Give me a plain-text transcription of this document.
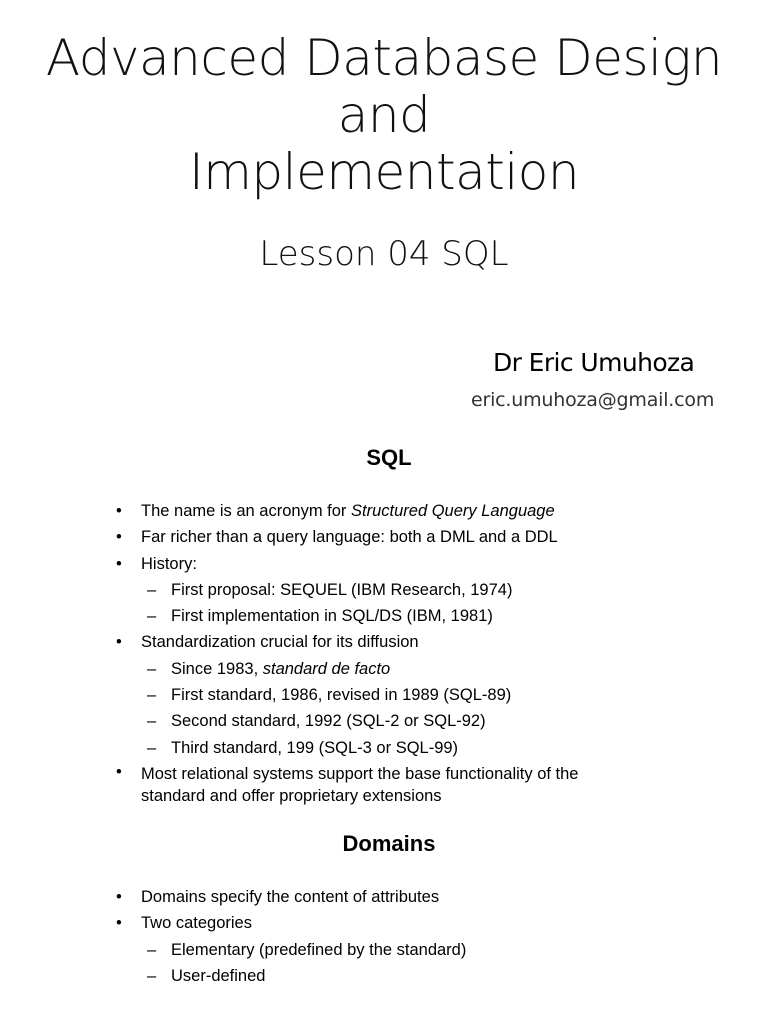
Advanced Database Design and
Implementation
Lesson 04 SQL
Dr Eric Umuhoza
eric.umuhoza@gmail.com
SQL
• The name is an acronym for Structured Query Language
• Far richer than a query language: both a DML and a DDL
• History:
– First proposal: SEQUEL (IBM Research, 1974)
– First implementation in SQL/DS (IBM, 1981)
• Standardization crucial for its diffusion
– Since 1983, standard de facto
– First standard, 1986, revised in 1989 (SQL-89)
– Second standard, 1992 (SQL-2 or SQL-92)
– Third standard, 199 (SQL-3 or SQL-99)
• Most relational systems support the base functionality of the
standard and offer proprietary extensions
Domains
• Domains specify the content of attributes
• Two categories
– Elementary (predefined by the standard)
– User-defined
